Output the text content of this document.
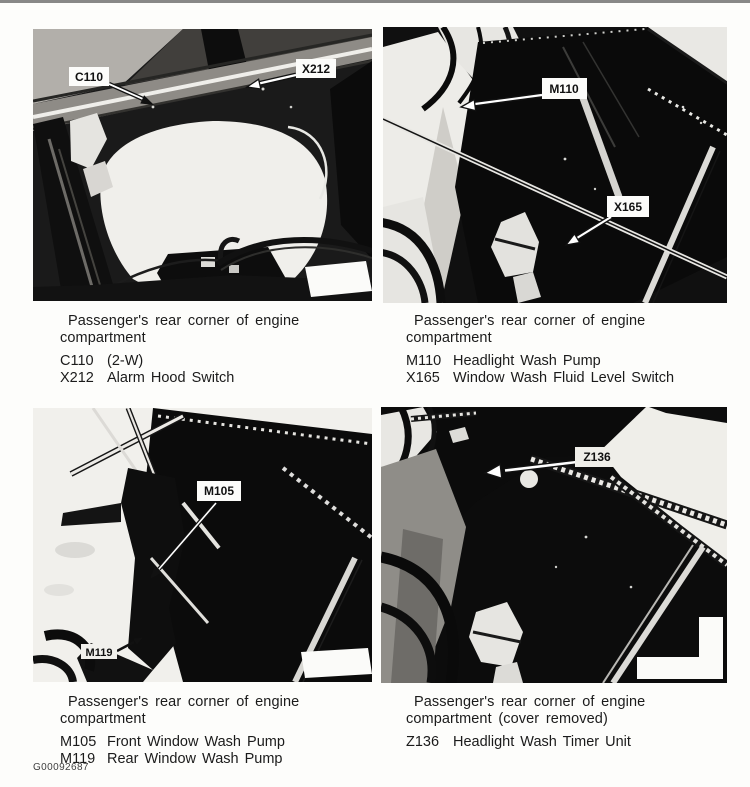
C110
X212
M110
X165
M105
M119
Z136
Passenger's rear corner of engine
compartment
C110 (2-W)
X212 Alarm Hood Switch
Passenger's rear corner of engine
compartment
M110 Headlight Wash Pump
X165 Window Wash Fluid Level Switch
Passenger's rear corner of engine
compartment
M105 Front Window Wash Pump
M119 Rear Window Wash Pump
Passenger's rear corner of engine
compartment (cover removed)
Z136 Headlight Wash Timer Unit
G00092687
